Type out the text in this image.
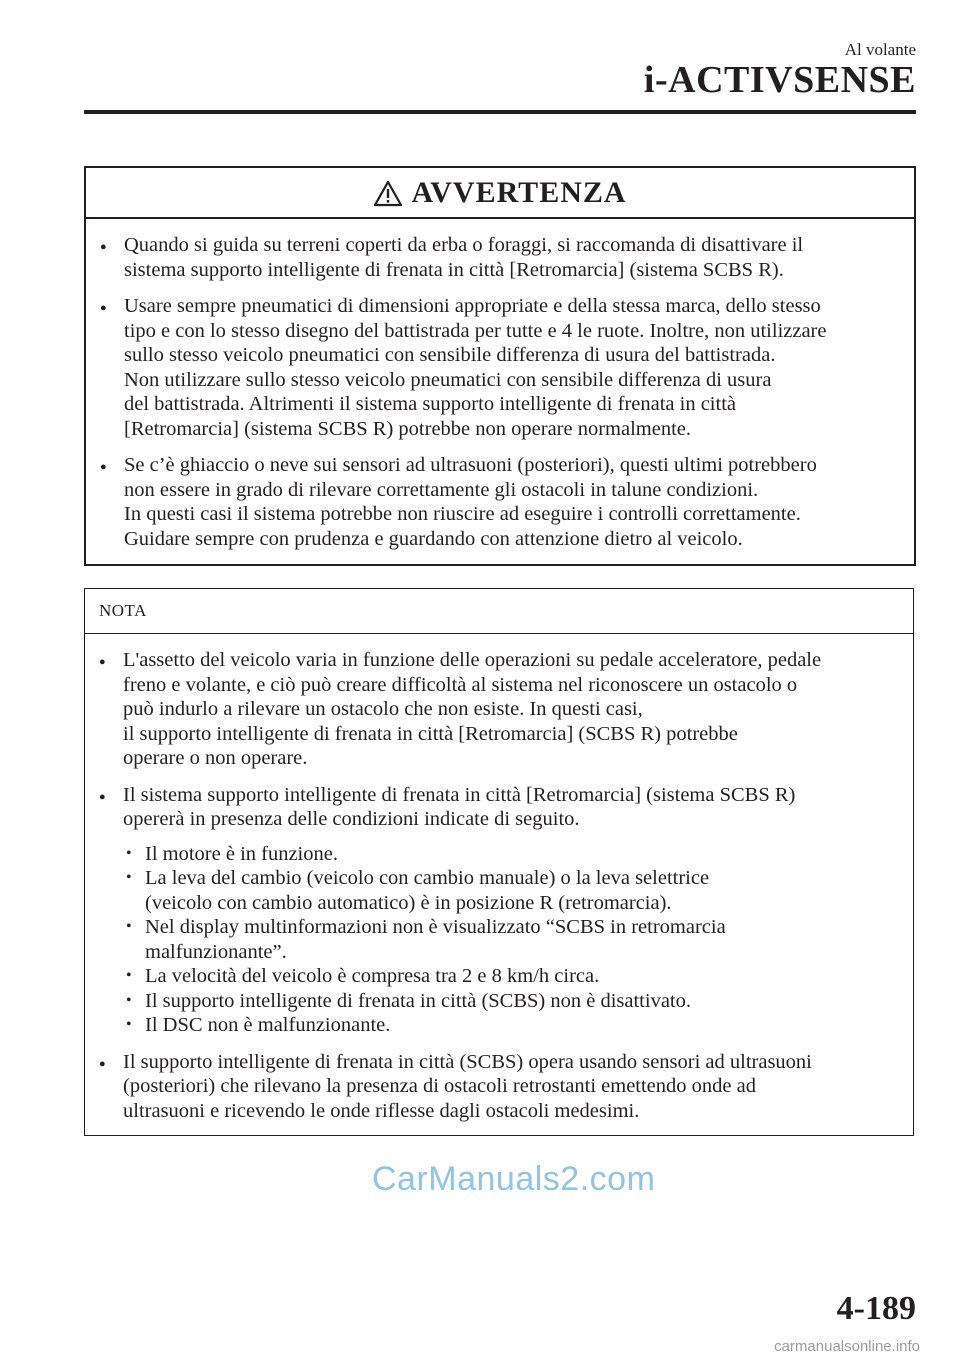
Al volante
i-ACTIVSENSE
AVVERTENZA
● Quando si guida su terreni coperti da erba o foraggi, si raccomanda di disattivare il
sistema supporto intelligente di frenata in città [Retromarcia] (sistema SCBS R).
● Usare sempre pneumatici di dimensioni appropriate e della stessa marca, dello stesso
tipo e con lo stesso disegno del battistrada per tutte e 4 le ruote. Inoltre, non utilizzare
sullo stesso veicolo pneumatici con sensibile differenza di usura del battistrada.
Non utilizzare sullo stesso veicolo pneumatici con sensibile differenza di usura
del battistrada. Altrimenti il sistema supporto intelligente di frenata in città
[Retromarcia] (sistema SCBS R) potrebbe non operare normalmente.
● Se c’è ghiaccio o neve sui sensori ad ultrasuoni (posteriori), questi ultimi potrebbero
non essere in grado di rilevare correttamente gli ostacoli in talune condizioni.
In questi casi il sistema potrebbe non riuscire ad eseguire i controlli correttamente.
Guidare sempre con prudenza e guardando con attenzione dietro al veicolo.
NOTA
● L'assetto del veicolo varia in funzione delle operazioni su pedale acceleratore, pedale
freno e volante, e ciò può creare difficoltà al sistema nel riconoscere un ostacolo o
può indurlo a rilevare un ostacolo che non esiste. In questi casi,
il supporto intelligente di frenata in città [Retromarcia] (SCBS R) potrebbe
operare o non operare.
● Il sistema supporto intelligente di frenata in città [Retromarcia] (sistema SCBS R)
opererà in presenza delle condizioni indicate di seguito.
• Il motore è in funzione.
• La leva del cambio (veicolo con cambio manuale) o la leva selettrice
(veicolo con cambio automatico) è in posizione R (retromarcia).
• Nel display multinformazioni non è visualizzato “SCBS in retromarcia
malfunzionante”.
• La velocità del veicolo è compresa tra 2 e 8 km/h circa.
• Il supporto intelligente di frenata in città (SCBS) non è disattivato.
• Il DSC non è malfunzionante.
● Il supporto intelligente di frenata in città (SCBS) opera usando sensori ad ultrasuoni
(posteriori) che rilevano la presenza di ostacoli retrostanti emettendo onde ad
ultrasuoni e ricevendo le onde riflesse dagli ostacoli medesimi.
CarManuals2.com
4-189
carmanualsonline.info
